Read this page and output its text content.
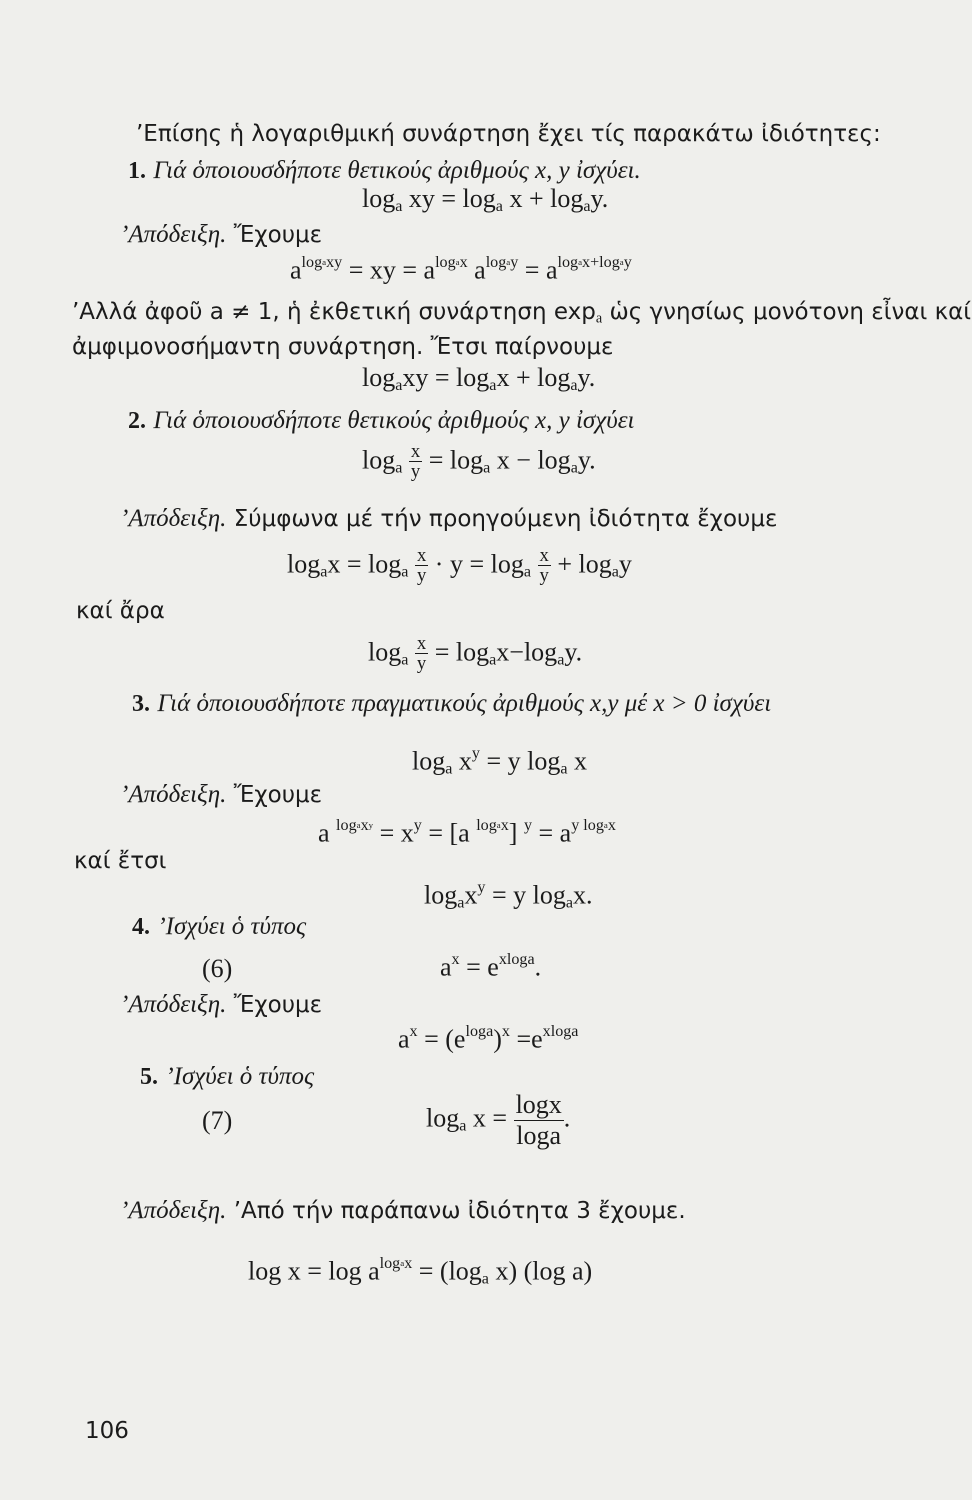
’Επίσης ἡ λογαριθμική συνάρτηση ἔχει τίς παρακάτω ἰδιότητες:
1. Γιά ὁποιουσδήποτε θετικούς ἀριθμούς x, y ἰσχύει.
$\log_a$ xy = $\log_a x + \log_ay$.
’Απόδειξη. Ἔχουμε
$a^{logaxy}$ = xy = $a^{logax}$ $a^{logay} = a^{logax+logay}$
’Αλλά ἀφοῦ a ≠ 1, ἡ ἐκθετική συνάρτηση $\exp_a$ ὡς γνησίως μονότονη εἶναι καί
ἀμφιμονοσήμαντη συνάρτηση. Ἔτσι παίρνουμε
$\log_axy = \log_ax + \log_ay$.
2. Γιά ὁποιουσδήποτε θετικούς ἀριθμούς x, y ἰσχύει
$\log_a \frac{x}{y} = \log_a x - \log_ay$.
’Απόδειξη. Σύμφωνα μέ τήν προηγούμενη ἰδιότητα ἔχουμε
$\log_ax = \log_a \frac{x}{y} \cdot y = \log_a \frac{x}{y} + \log_ay$
καί ἄρα
$\log_a \frac{x}{y} = \log_ax-\log_ay$.
3. Γιά ὁποιουσδήποτε πραγματικούς ἀριθμούς x,y μέ x > 0 ἰσχύει
$\log_a x^y = y$ $\log_a x$
’Απόδειξη. Ἔχουμε
a $^{logaxy} = x^y = [a$ $^{logax}$] $^y = a^{y logax}$
καί ἔτσι
$\log_ax^y = y$ $\log_ax$.
4. ’Ισχύει ὁ τύπος
(6)	$a^x = e^{xloga}$.
’Απόδειξη. Ἔχουμε
$a^x = (e^{loga})^x =e^{xloga}$
5. ’Ισχύει ὁ τύπος
(7)	$\log_a x = \frac{\log x}{\log a}$ .
’Απόδειξη. ’Από τήν παράπανω ἰδιότητα 3 ἔχουμε.
$\log x = \log a^{logax} = (\log_a$ x) (log a)
106
